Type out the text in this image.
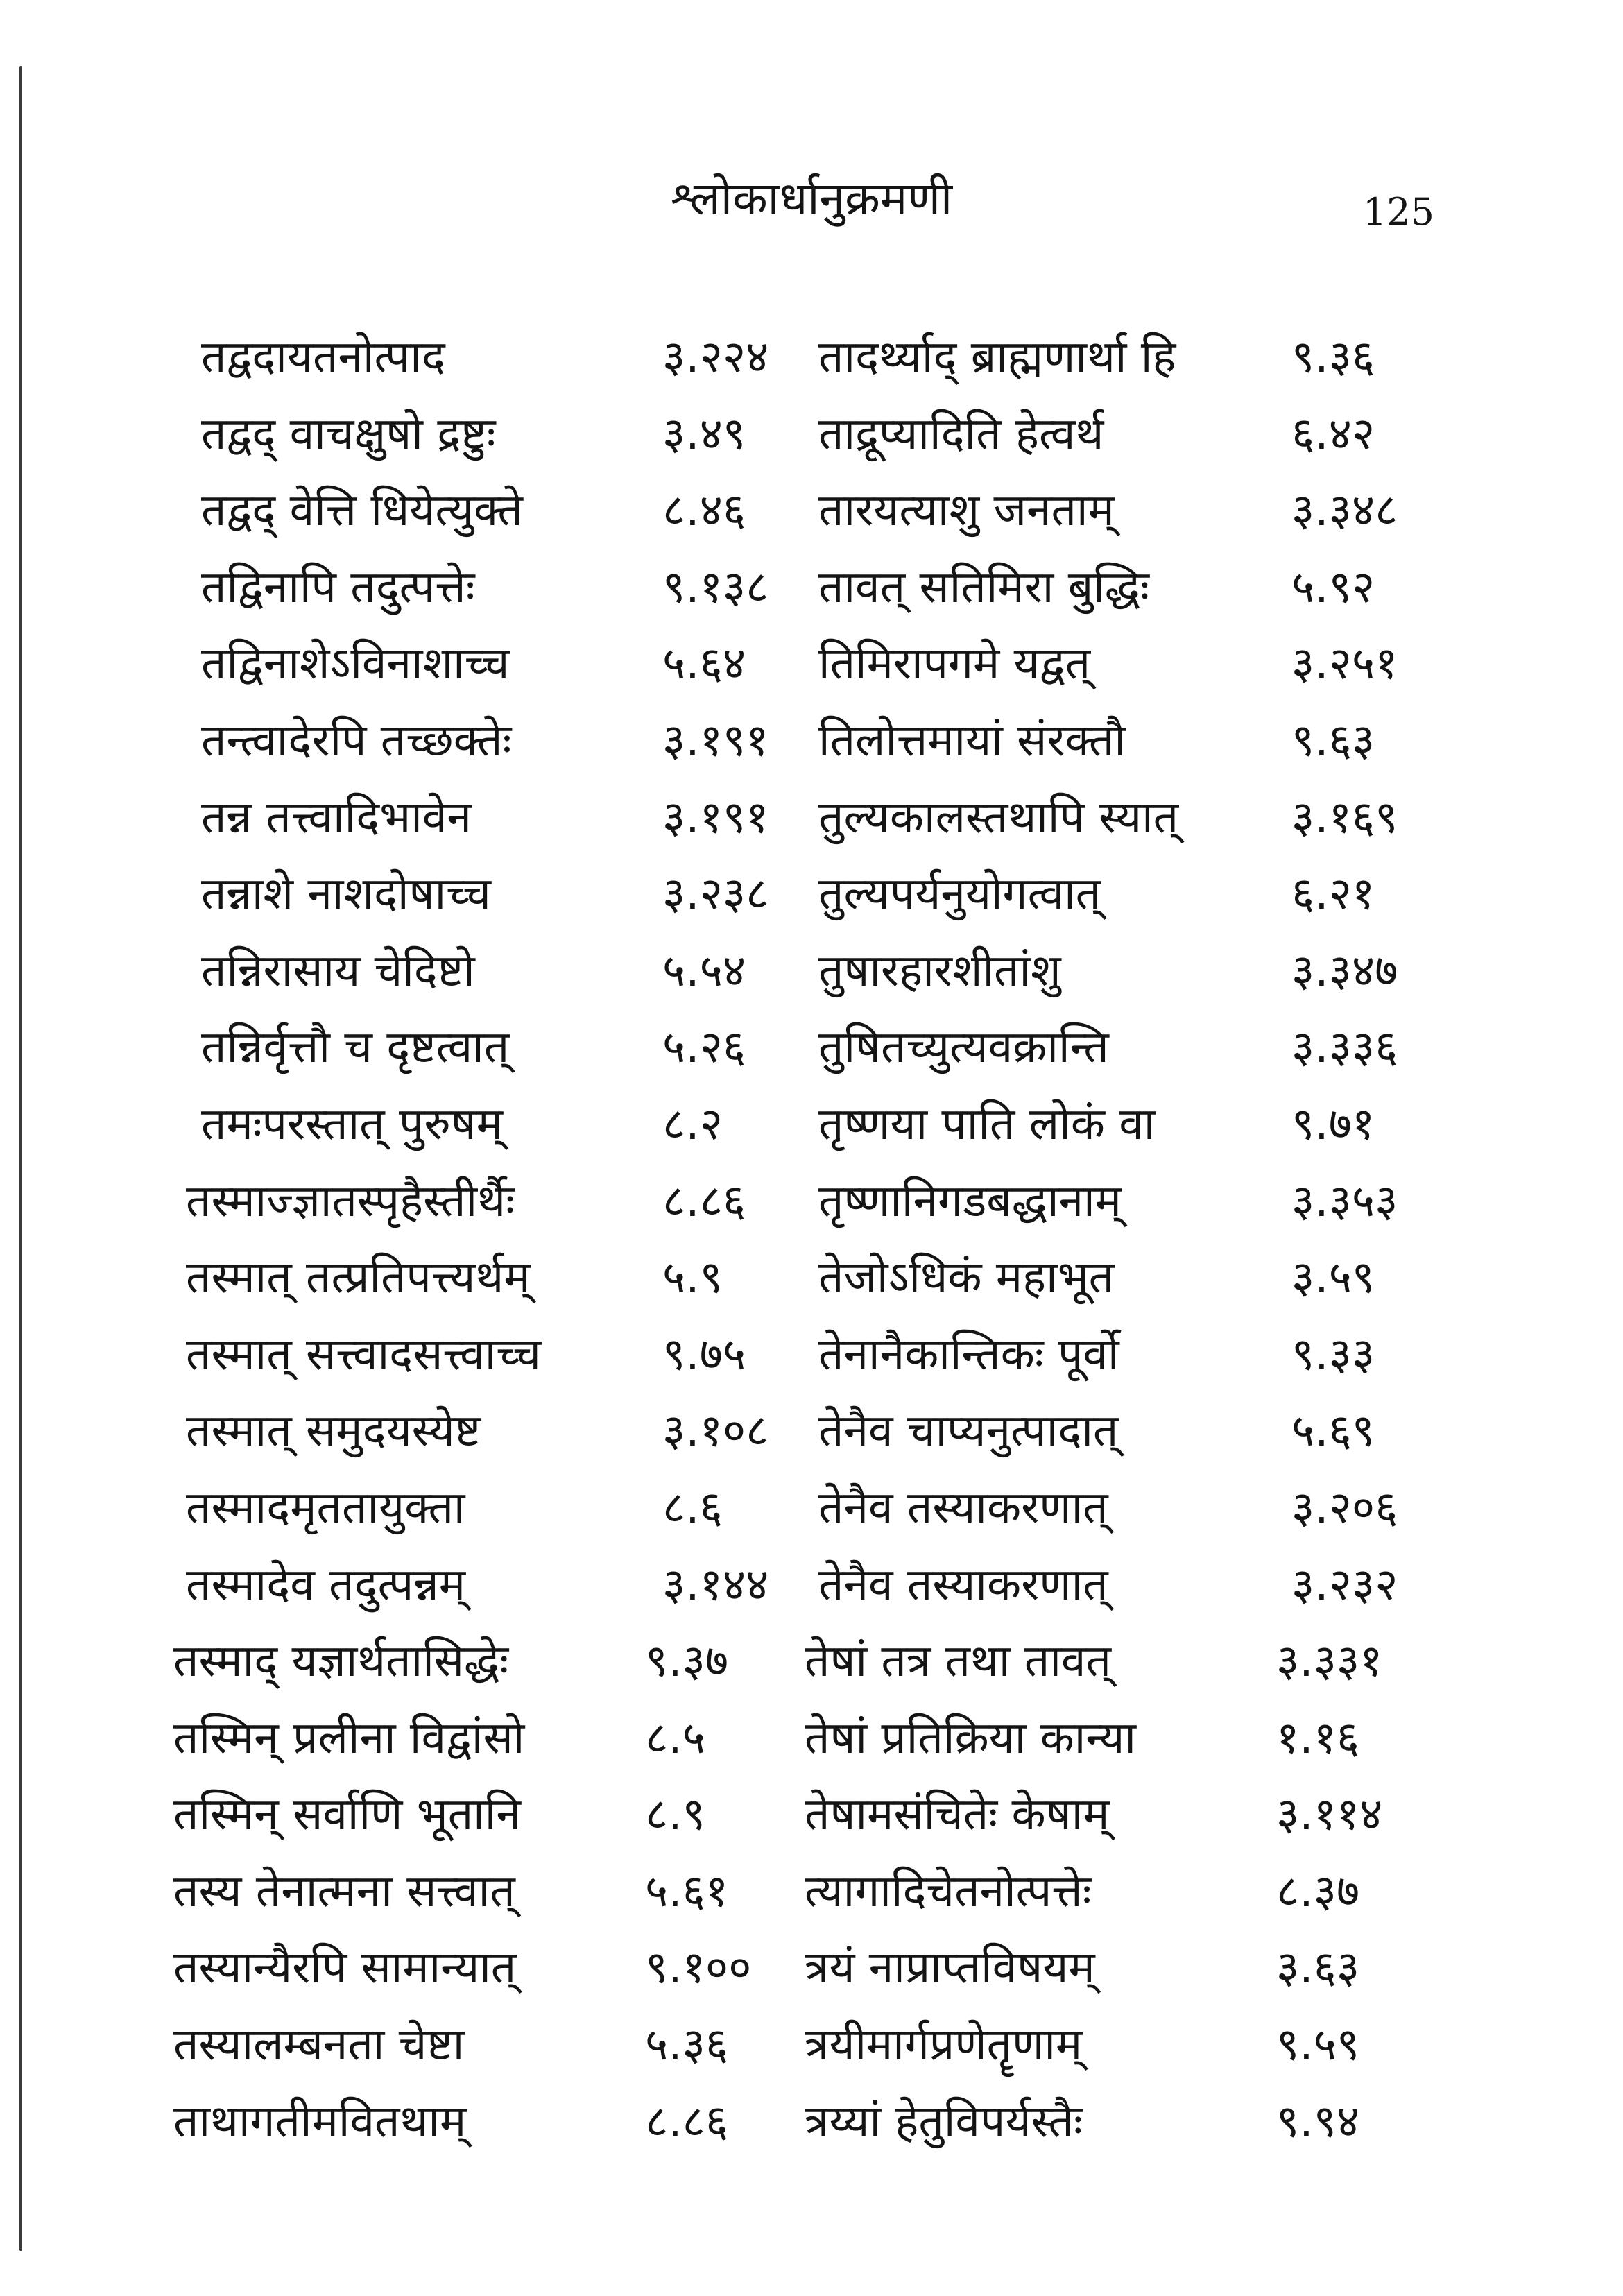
श्लोकार्धानुक्रमणी	125
तद्वदायतनोत्पाद	३.२२४ तादर्थ्याद् ब्राह्मणार्था हि	९.३६
तद्वद् वाचक्षुषो द्रष्टुः	३.४९ ताद्रूप्यादिति हेत्वर्थ	६.४२
तद्वद् वेत्ति धियेत्युक्ते	८.४६ तारयत्याशु जनताम्	३.३४८
तद्विनापि तदुत्पत्तेः	९.१३८ तावत् सतिमिरा बुद्धिः	५.९२
तद्विनाशेऽविनाशाच्च	५.६४ तिमिरापगमे यद्वत्	३.२५१
तन्त्वादेरपि तच्छक्तेः	३.१९१ तिलोत्तमायां संरक्तौ	९.६३
तन्न तत्त्वादिभावेन	३.१९१ तुल्यकालस्तथापि स्यात्	३.१६९
तन्नाशे नाशदोषाच्च	३.२३८ तुल्यपर्यनुयोगत्वात्	६.२१
तन्निरासाय चेदिष्टो	५.५४ तुषारहारशीतांशु	३.३४७
तन्निर्वृत्तौ च दृष्टत्वात्	५.२६ तुषितच्युत्यवक्रान्ति	३.३३६
तमःपरस्तात् पुरुषम्	८.२ तृष्णया पाति लोकं वा	९.७१
तस्माज्ज्ञातस्पृहैस्तीर्थैः	८.८६ तृष्णानिगडबद्धानाम्	३.३५३
तस्मात् तत्प्रतिपत्त्यर्थम्	५.९ तेजोऽधिकं महाभूत	३.५९
तस्मात् सत्त्वादसत्त्वाच्च	९.७५ तेनानैकान्तिकः पूर्वो	९.३३
तस्मात् समुदयस्येष्ट	३.१०८ तेनैव चाप्यनुत्पादात्	५.६९
तस्मादमृततायुक्ता	८.६ तेनैव तस्याकरणात्	३.२०६
तस्मादेव तदुत्पन्नम्	३.१४४ तेनैव तस्याकरणात्	३.२३२
तस्माद् यज्ञार्थतासिद्धेः	९.३७ तेषां तत्र तथा तावत्	३.३३१
तस्मिन् प्रलीना विद्वांसो	८.५ तेषां प्रतिक्रिया कान्या	१.१६
तस्मिन् सर्वाणि भूतानि	८.९ तेषामसंचितेः केषाम्	३.११४
तस्य तेनात्मना सत्त्वात्	५.६१ त्यागादिचेतनोत्पत्तेः	८.३७
तस्यान्यैरपि सामान्यात्	९.१०० त्रयं नाप्राप्तविषयम्	३.६३
तस्यालम्बनता चेष्टा	५.३६ त्रयीमार्गप्रणेतॄणाम्	९.५९
ताथागतीमवितथाम्	८.८६ त्रय्यां हेतुविपर्यस्तैः	९.९४
